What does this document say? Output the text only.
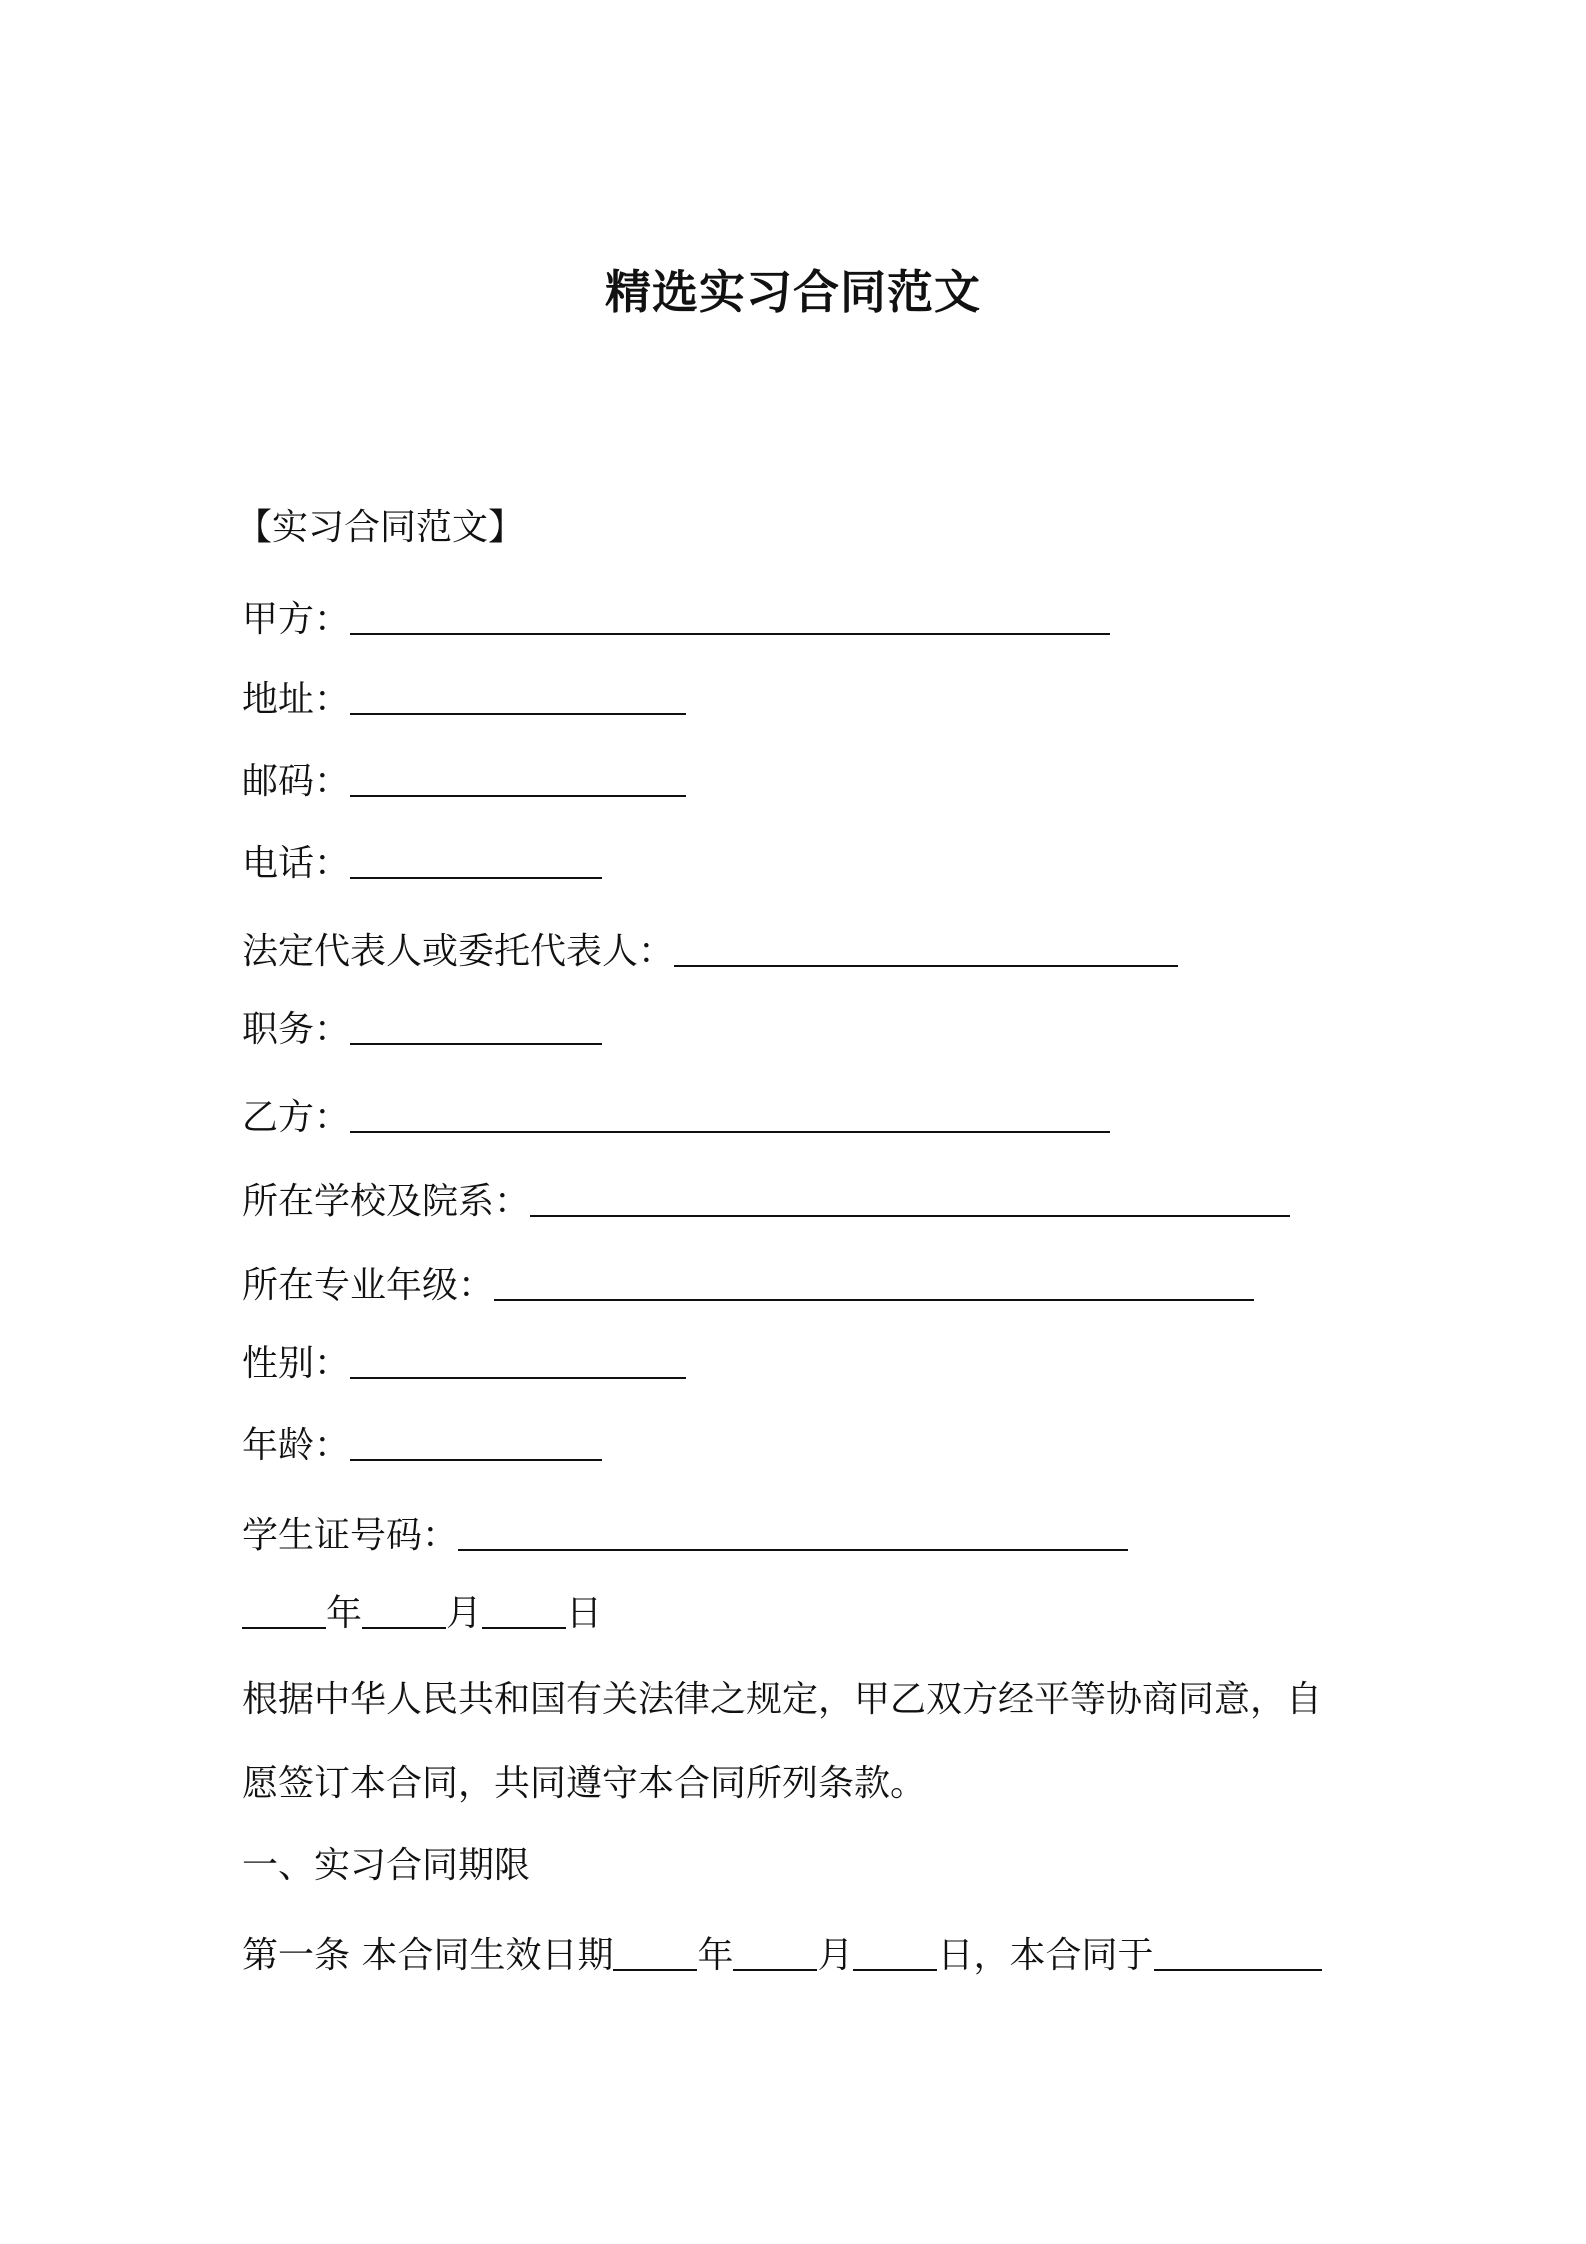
精选实习合同范文
【实习合同范文】
甲方：
地址：
邮码：
电话：
法定代表人或委托代表人：
职务：
乙方：
所在学校及院系：
所在专业年级：
性别：
年龄：
学生证号码：
年 月 日
根据中华人民共和国有关法律之规定，甲乙双方经平等协商同意，自
愿签订本合同，共同遵守本合同所列条款。
一、实习合同期限
第一条 本合同生效日期 年 月 日，本合同于
